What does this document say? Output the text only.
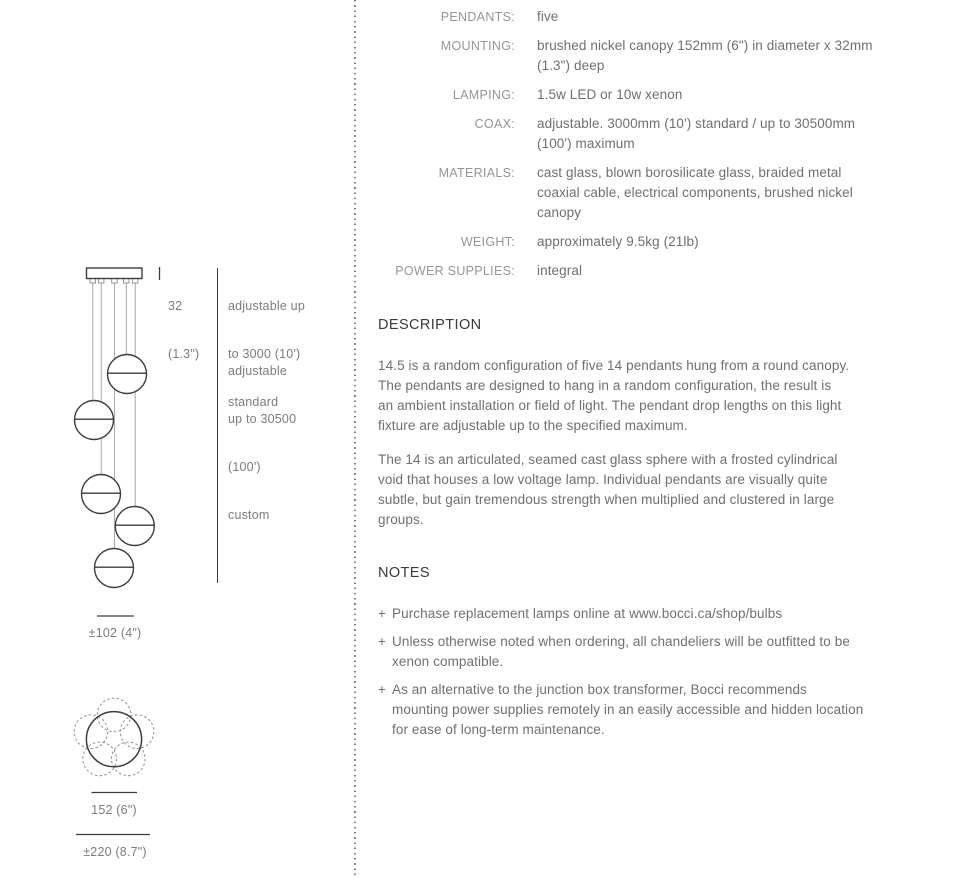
32

(1.3")

adjustable up

to 3000 (10')

standard

adjustable

up to 30500

(100')

custom

±102 (4")
152 (6")
±220 (8.7")
PENDANTS: five
MOUNTING: brushed nickel canopy 152mm (6") in diameter x 32mm
(1.3") deep
LAMPING: 1.5w LED or 10w xenon
COAX: adjustable. 3000mm (10') standard / up to 30500mm
(100') maximum
MATERIALS: cast glass, blown borosilicate glass, braided metal
coaxial cable, electrical components, brushed nickel
canopy
WEIGHT: approximately 9.5kg (21lb)
POWER SUPPLIES: integral
DESCRIPTION
14.5 is a random configuration of five 14 pendants hung from a round canopy.
The pendants are designed to hang in a random configuration, the result is
an ambient installation or field of light. The pendant drop lengths on this light
fixture are adjustable up to the specified maximum.
The 14 is an articulated, seamed cast glass sphere with a frosted cylindrical
void that houses a low voltage lamp. Individual pendants are visually quite
subtle, but gain tremendous strength when multiplied and clustered in large
groups.
NOTES
+ Purchase replacement lamps online at www.bocci.ca/shop/bulbs
+ Unless otherwise noted when ordering, all chandeliers will be outfitted to be
xenon compatible.
+ As an alternative to the junction box transformer, Bocci recommends
mounting power supplies remotely in an easily accessible and hidden location
for ease of long-term maintenance.
